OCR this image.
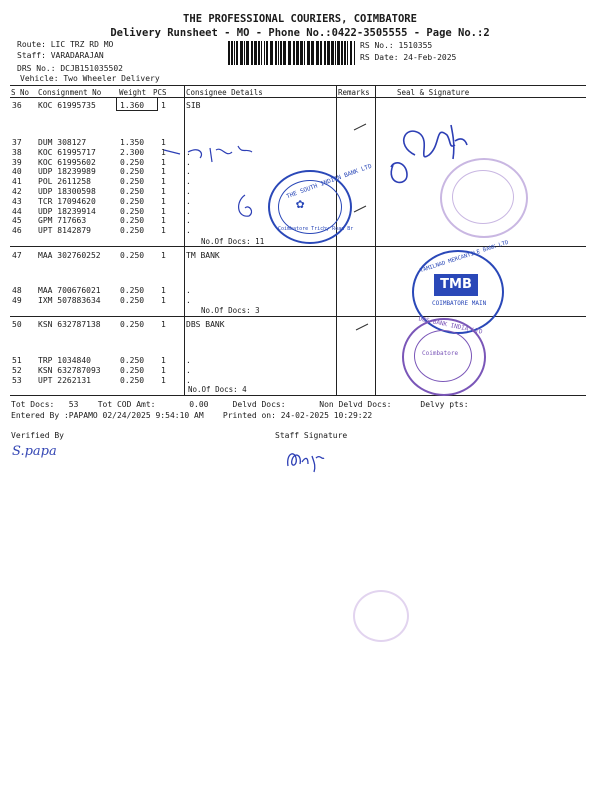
THE PROFESSIONAL COURIERS, COIMBATORE
Delivery Runsheet - MO - Phone No.:0422-3505555 - Page No.:2
Route: LIC TRZ RD MO
Staff: VARADARAJAN
DRS No.: DCJB151035502
Vehicle: Two Wheeler Delivery
RS No.: 1510355
RS Date: 24-Feb-2025
S No Consignment No Weight PCS	Consignee Details	Remarks	Seal & Signature
36 KOC 61995735	1.360 1	SIB
37 DUM 308127	1.350 1
38 KOC 61995717	2.300 1	.
39 KOC 61995602	0.250 1	.
40 UDP 18239989	0.250 1	.
41 POL 2611258	0.250 1	.
42 UDP 18300598	0.250 1	.
43 TCR 17094620	0.250 1	.
44 UDP 18239914	0.250 1	.
45 GPM 717663	0.250 1	.
46 UPT 8142879	0.250 1	.
No.Of Docs: 11
47 MAA 302760252 0.250 1	TM BANK
48 MAA 700676021 0.250 1	.
49 IXM 507883634 0.250 1	.
No.Of Docs: 3
50 KSN 632787138 0.250 1	DBS BANK
51 TRP 1034840	0.250 1	.
52 KSN 632787093 0.250 1	.
53 UPT 2262131	0.250 1	.
No.Of Docs: 4
Tot Docs:   53    Tot COD Amt:       0.00     Delvd Docs:       Non Delvd Docs:      Delvy pts:
Entered By :PAPAMO 02/24/2025 9:54:10 AM    Printed on: 24-02-2025 10:29:22
Verified By	Staff Signature
S.papa
THE SOUTH INDIAN BANK LTD
Coimbatore Trichy Road Br
✿
TAMILNAD MERCANTILE BANK LTD
TMB
COIMBATORE MAIN
DBS BANK INDIA LTD
Coimbatore
